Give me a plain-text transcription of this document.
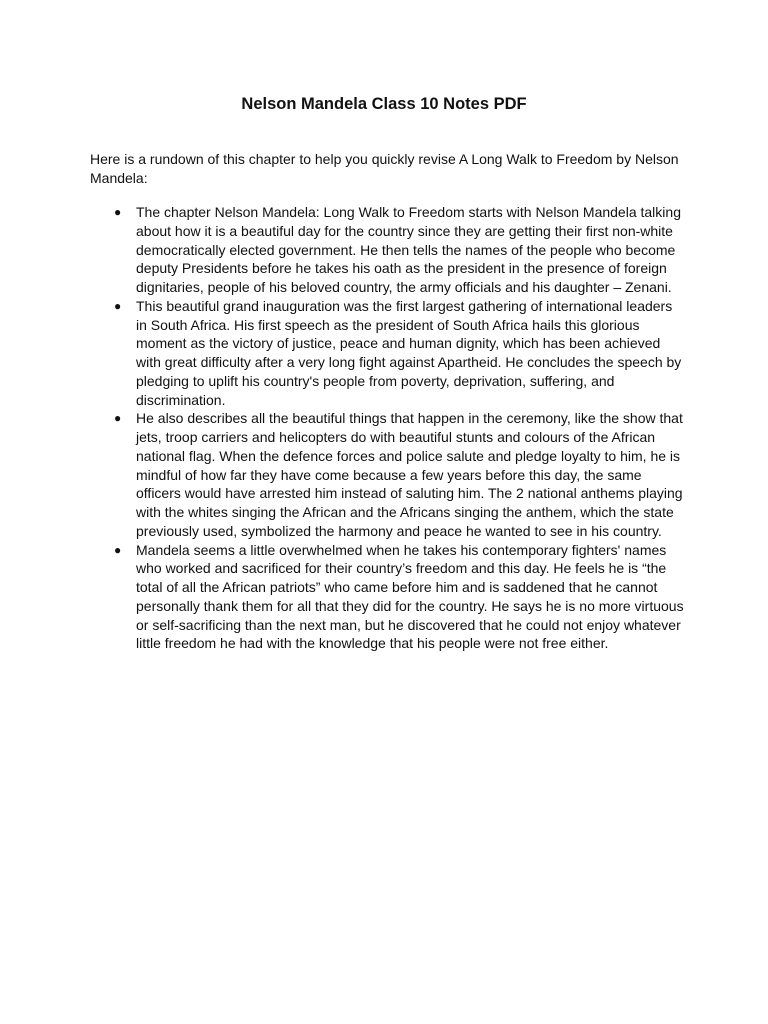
Nelson Mandela Class 10 Notes PDF

Here is a rundown of this chapter to help you quickly revise A Long Walk to Freedom by Nelson Mandela:

● The chapter Nelson Mandela: Long Walk to Freedom starts with Nelson Mandela talking about how it is a beautiful day for the country since they are getting their first non-white democratically elected government. He then tells the names of the people who become deputy Presidents before he takes his oath as the president in the presence of foreign dignitaries, people of his beloved country, the army officials and his daughter – Zenani.
● This beautiful grand inauguration was the first largest gathering of international leaders in South Africa. His first speech as the president of South Africa hails this glorious moment as the victory of justice, peace and human dignity, which has been achieved with great difficulty after a very long fight against Apartheid. He concludes the speech by pledging to uplift his country's people from poverty, deprivation, suffering, and discrimination.
● He also describes all the beautiful things that happen in the ceremony, like the show that jets, troop carriers and helicopters do with beautiful stunts and colours of the African national flag. When the defence forces and police salute and pledge loyalty to him, he is mindful of how far they have come because a few years before this day, the same officers would have arrested him instead of saluting him. The 2 national anthems playing with the whites singing the African and the Africans singing the anthem, which the state previously used, symbolized the harmony and peace he wanted to see in his country.
● Mandela seems a little overwhelmed when he takes his contemporary fighters' names who worked and sacrificed for their country’s freedom and this day. He feels he is “the total of all the African patriots” who came before him and is saddened that he cannot personally thank them for all that they did for the country. He says he is no more virtuous or self-sacrificing than the next man, but he discovered that he could not enjoy whatever little freedom he had with the knowledge that his people were not free either.
